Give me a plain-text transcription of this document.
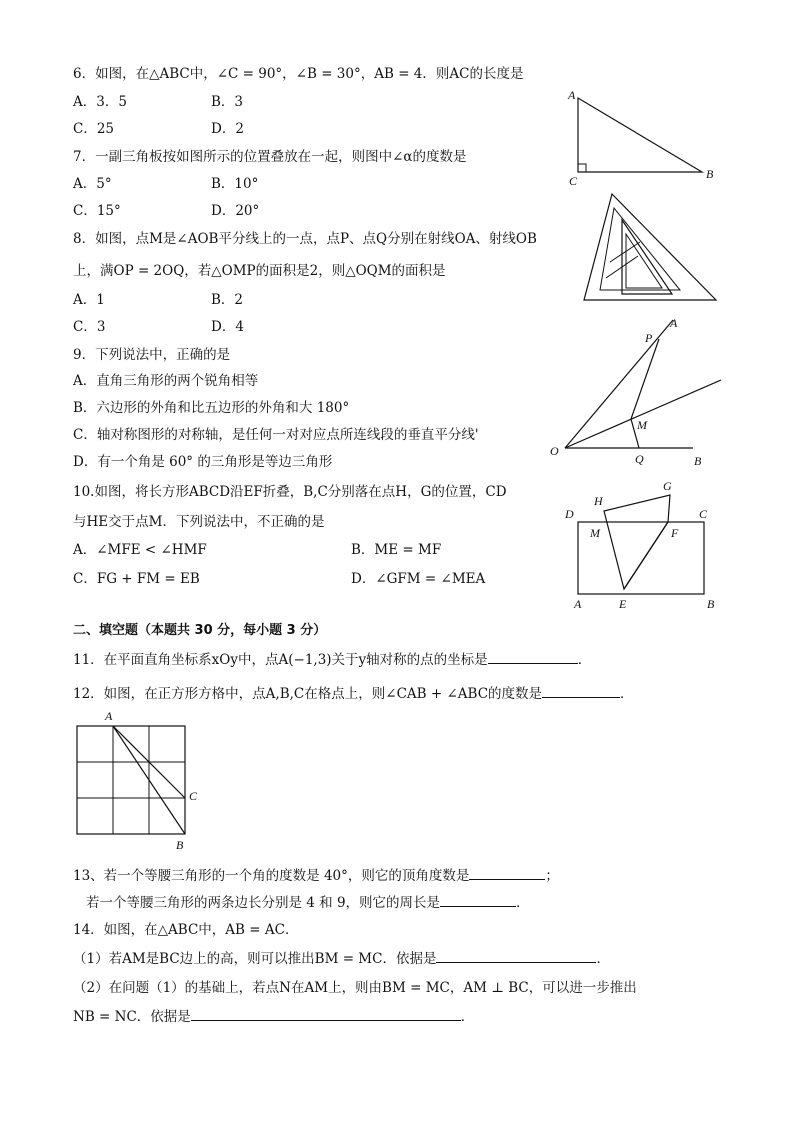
6．如图，在△ABC中，∠C = 90°，∠B = 30°，AB = 4．则AC的长度是
A．3．5	B．3
C．25	D．2
A
C	B
7．一副三角板按如图所示的位置叠放在一起，则图中∠α的度数是
A．5°	B．10°
C．15°	D．20°
8．如图，点M是∠AOB平分线上的一点，点P、点Q分别在射线OA、射线OB
上，满OP = 2OQ，若△OMP的面积是2，则△OQM的面积是
A．1	B．2
C．3	D．4
P
A
M
O
Q	B
9．下列说法中，正确的是
A．直角三角形的两个锐角相等
B．六边形的外角和比五边形的外角和大 180°
C．轴对称图形的对称轴，是任何一对对应点所连线段的垂直平分线'
D．有一个角是 60° 的三角形是等边三角形
10.如图，将长方形ABCD沿EF折叠，B,C分别落在点H，G的位置，CD
与HE交于点M．下列说法中，不正确的是
A．∠MFE < ∠HMF	B．ME = MF
C．FG + FM = EB	D．∠GFM = ∠MEA
H
G
D	C
M	F
A	E	B
二、填空题（本题共 30 分，每小题 3 分）
11．在平面直角坐标系xOy中，点A(−1,3)关于y轴对称的点的坐标是	．
12．如图，在正方形方格中，点A,B,C在格点上，则∠CAB + ∠ABC的度数是	．
A
C
B
13、若一个等腰三角形的一个角的度数是 40°，则它的顶角度数是	；
若一个等腰三角形的两条边长分别是 4 和 9，则它的周长是	．
14．如图，在△ABC中，AB = AC．
（1）若AM是BC边上的高，则可以推出BM = MC．依据是	．
（2）在问题（1）的基础上，若点N在AM上，则由BM = MC，AM ⊥ BC，可以进一步推出
NB = NC．依据是	．
